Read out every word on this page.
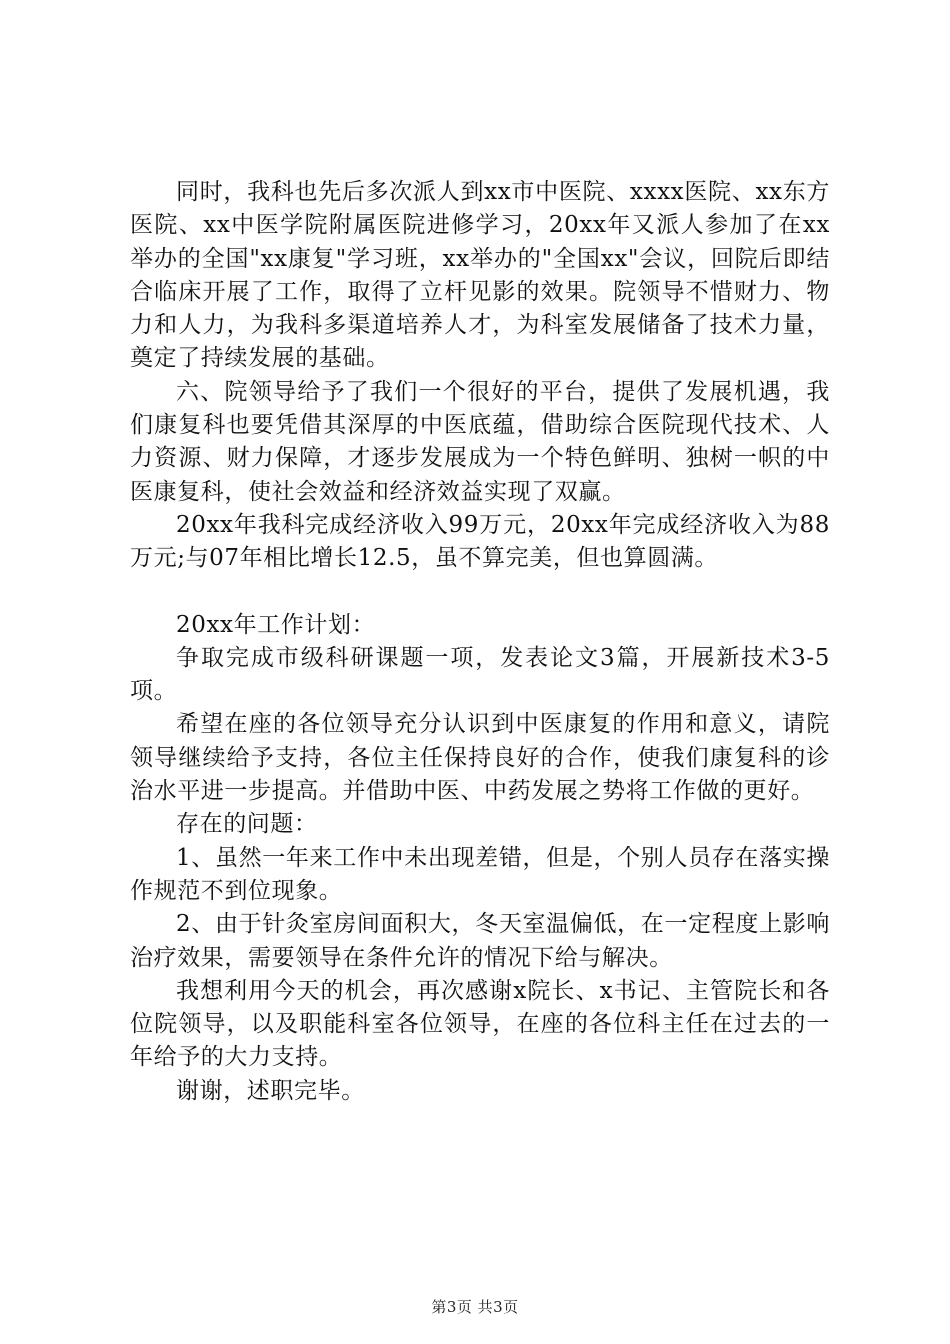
同时，我科也先后多次派人到xx市中医院、xxxx医院、xx东方医院、xx中医学院附属医院进修学习，20xx年又派人参加了在xx举办的全国"xx康复"学习班，xx举办的"全国xx"会议，回院后即结合临床开展了工作，取得了立杆见影的效果。院领导不惜财力、物力和人力，为我科多渠道培养人才，为科室发展储备了技术力量，奠定了持续发展的基础。

六、院领导给予了我们一个很好的平台，提供了发展机遇，我们康复科也要凭借其深厚的中医底蕴，借助综合医院现代技术、人力资源、财力保障，才逐步发展成为一个特色鲜明、独树一帜的中医康复科，使社会效益和经济效益实现了双赢。

20xx年我科完成经济收入99万元，20xx年完成经济收入为88万元;与07年相比增长12.5，虽不算完美，但也算圆满。

20xx年工作计划：

争取完成市级科研课题一项，发表论文3篇，开展新技术3-5项。

希望在座的各位领导充分认识到中医康复的作用和意义，请院领导继续给予支持，各位主任保持良好的合作，使我们康复科的诊治水平进一步提高。并借助中医、中药发展之势将工作做的更好。

存在的问题：

1、虽然一年来工作中未出现差错，但是，个别人员存在落实操作规范不到位现象。

2、由于针灸室房间面积大，冬天室温偏低，在一定程度上影响治疗效果，需要领导在条件允许的情况下给与解决。

我想利用今天的机会，再次感谢x院长、x书记、主管院长和各位院领导，以及职能科室各位领导，在座的各位科主任在过去的一年给予的大力支持。

谢谢，述职完毕。

第3页 共3页
